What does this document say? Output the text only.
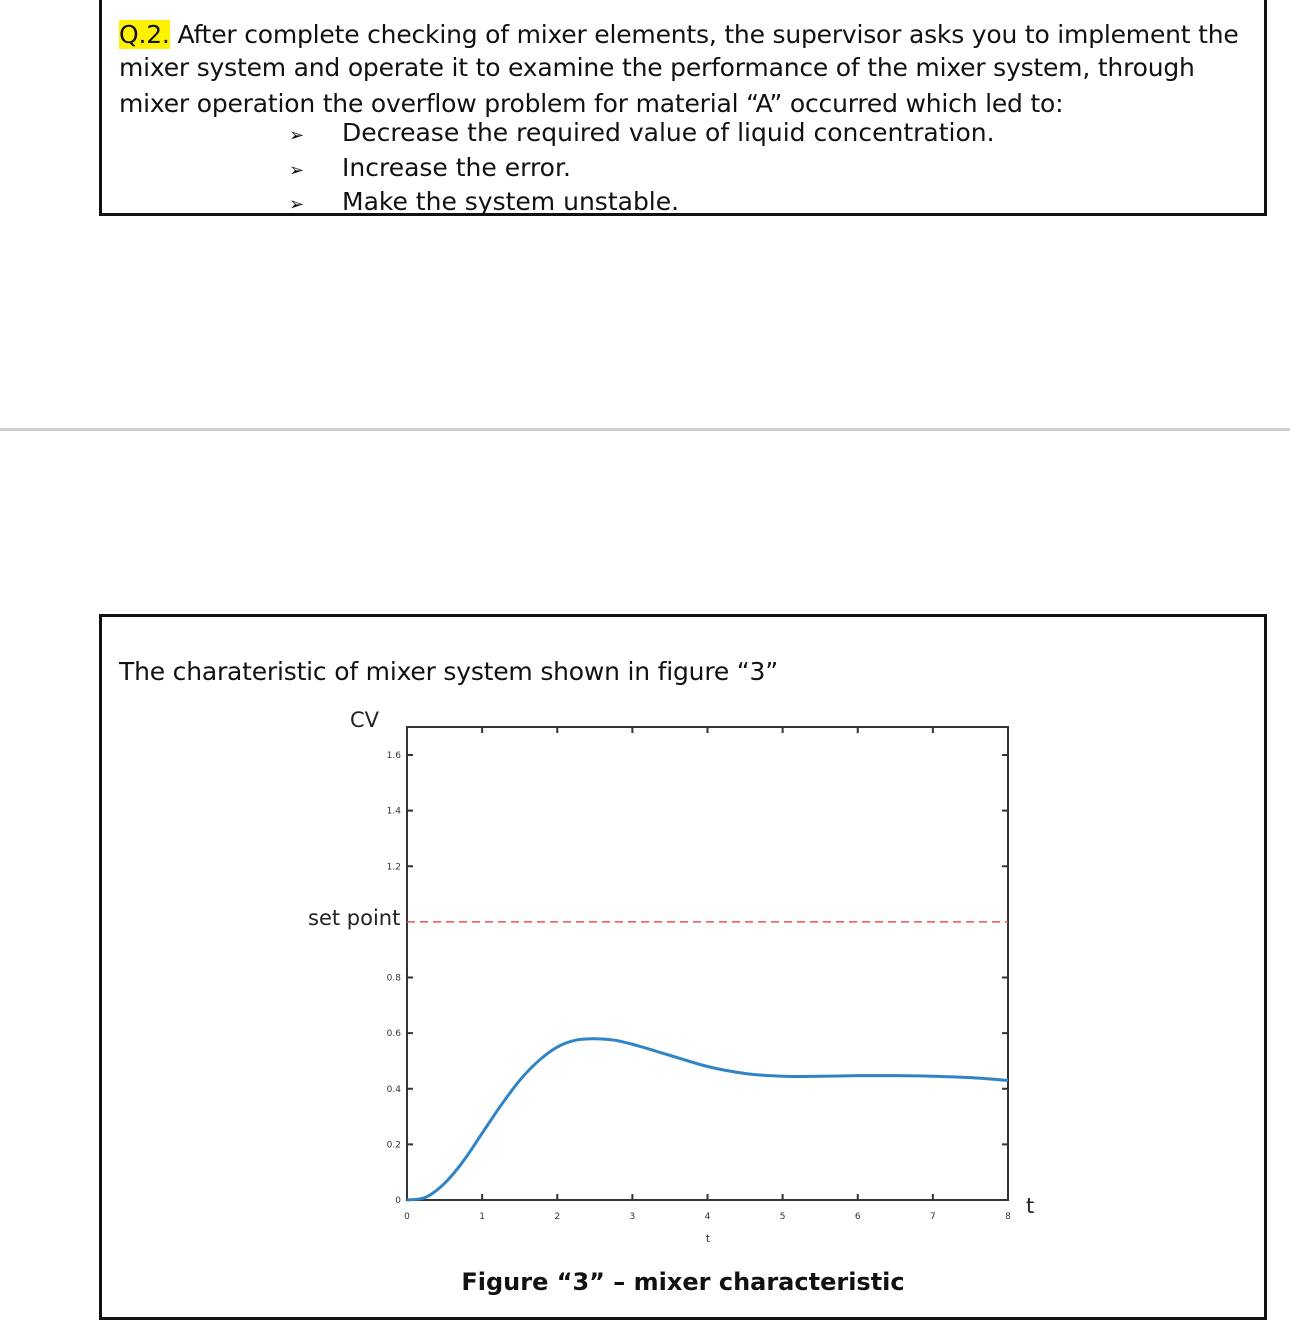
Q.2. After complete checking of mixer elements, the supervisor asks you to implement the

mixer system and operate it to examine the performance of the mixer system, through

mixer operation the overflow problem for material “A” occurred which led to:

➢ Decrease the required value of liquid concentration.
➢ Increase the error.
➢ Make the system unstable.
The charateristic of mixer system shown in figure “3”
Figure “3” – mixer characteristic
0	1	2	3	4	5	6	7	8
0
0.2
0.4
0.6
0.8
1.2
1.4
1.6
set point
CV
t
t
